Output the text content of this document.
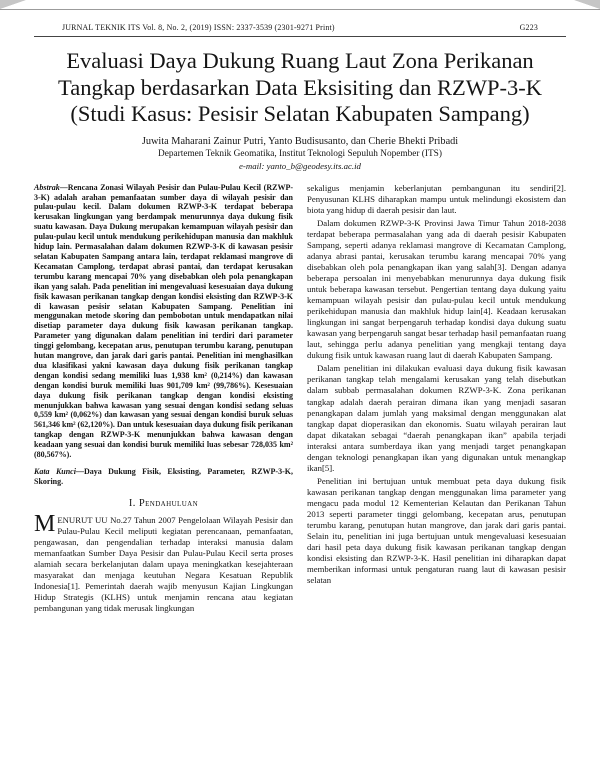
JURNAL TEKNIK ITS Vol. 8, No. 2, (2019) ISSN: 2337-3539 (2301-9271 Print)	G223
Evaluasi Daya Dukung Ruang Laut Zona Perikanan Tangkap berdasarkan Data Eksisiting dan RZWP-3-K (Studi Kasus: Pesisir Selatan Kabupaten Sampang)
Juwita Maharani Zainur Putri, Yanto Budisusanto, dan Cherie Bhekti Pribadi
Departemen Teknik Geomatika, Institut Teknologi Sepuluh Nopember (ITS)
e-mail: yanto_b@geodesy.its.ac.id

Abstrak—Rencana Zonasi Wilayah Pesisir dan Pulau-Pulau Kecil (RZWP-3-K) adalah arahan pemanfaatan sumber daya di wilayah pesisir dan pulau-pulau kecil. Dalam dokumen RZWP-3-K terdapat beberapa kerusakan lingkungan yang berdampak menurunnya daya dukung fisik suatu kawasan. Daya Dukung merupakan kemampuan wilayah pesisir dan pulau-pulau kecil untuk mendukung perikehidupan manusia dan makhluk hidup lain. Permasalahan dalam dokumen RZWP-3-K di kawasan pesisir selatan Kabupaten Sampang antara lain, terdapat reklamasi mangrove di Kecamatan Camplong, terdapat abrasi pantai, dan terdapat kerusakan terumbu karang mencapai 70% yang disebabkan oleh pola penangkapan ikan yang salah. Pada penelitian ini mengevaluasi kesesuaian daya dukung fisik kawasan perikanan tangkap dengan kondisi eksisting dan RZWP-3-K di kawasan pesisir selatan Kabupaten Sampang. Penelitian ini menggunakan metode skoring dan pembobotan untuk mendapatkan nilai disetiap parameter daya dukung fisik kawasan perikanan tangkap. Parameter yang digunakan dalam penelitian ini terdiri dari parameter tinggi gelombang, kecepatan arus, penutupan terumbu karang, penutupan hutan mangrove, dan jarak dari garis pantai. Penelitian ini menghasilkan dua klasifikasi yakni kawasan daya dukung fisik perikanan tangkap dengan kondisi sedang memiliki luas 1,938 km² (0,214%) dan kawasan dengan kondisi buruk memiliki luas 901,709 km² (99,786%). Kesesuaian daya dukung fisik perikanan tangkap dengan kondisi eksisting menunjukkan bahwa kawasan yang sesuai dengan kondisi sedang seluas 0,559 km² (0,062%) dan kawasan yang sesuai dengan kondisi buruk seluas 561,346 km² (62,120%). Dan untuk kesesuaian daya dukung fisik perikanan tangkap dengan RZWP-3-K menunjukkan bahwa kawasan dengan keadaan yang sesuai dan kondisi buruk memiliki luas sebesar 728,035 km² (80,567%).

Kata Kunci—Daya Dukung Fisik, Eksisting, Parameter, RZWP-3-K, Skoring.

I. Pendahuluan

MENURUT UU No.27 Tahun 2007 Pengelolaan Wilayah Pesisir dan Pulau-Pulau Kecil meliputi kegiatan perencanaan, pemanfaatan, pengawasan, dan pengendalian terhadap interaksi manusia dalam memanfaatkan Sumber Daya Pesisir dan Pulau-Pulau Kecil serta proses alamiah secara berkelanjutan dalam upaya meningkatkan kesejahteraan masyarakat dan menjaga keutuhan Negara Kesatuan Republik Indonesia[1]. Pemerintah daerah wajib menyusun Kajian Lingkungan Hidup Strategis (KLHS) untuk menjamin rencana atau kegiatan pembangunan yang tidak merusak lingkungan

sekaligus menjamin keberlanjutan pembangunan itu sendiri[2]. Penyusunan KLHS diharapkan mampu untuk melindungi ekosistem dan biota yang hidup di daerah pesisir dan laut.

Dalam dokumen RZWP-3-K Provinsi Jawa Timur Tahun 2018-2038 terdapat beberapa permasalahan yang ada di daerah pesisir Kabupaten Sampang, seperti adanya reklamasi mangrove di Kecamatan Camplong, adanya abrasi pantai, kerusakan terumbu karang mencapai 70% yang disebabkan oleh pola penangkapan ikan yang salah[3]. Dengan adanya beberapa persoalan ini menyebabkan menurunnya daya dukung fisik untuk beberapa kawasan tersebut. Pengertian tentang daya dukung yaitu kemampuan wilayah pesisir dan pulau-pulau kecil untuk mendukung perikehidupan manusia dan makhluk hidup lain[4]. Keadaan kerusakan lingkungan ini sangat berpengaruh terhadap kondisi daya dukung suatu kawasan yang berpengaruh sangat besar terhadap hasil pemanfaatan ruang laut, sehingga perlu adanya penelitian yang mengkaji tentang daya dukung fisik untuk kawasan ruang laut di daerah Kabupaten Sampang.

Dalam penelitian ini dilakukan evaluasi daya dukung fisik kawasan perikanan tangkap telah mengalami kerusakan yang telah disebutkan dalam subbab permasalahan dokumen RZWP-3-K. Zona perikanan tangkap adalah daerah perairan dimana ikan yang menjadi sasaran penangkapan dalam jumlah yang maksimal dengan menggunakan alat tangkap dapat dioperasikan dan ekonomis. Suatu wilayah perairan laut dapat dikatakan sebagai “daerah penangkapan ikan” apabila terjadi interaksi antara sumberdaya ikan yang menjadi target penangkapan dengan teknologi penangkapan ikan yang digunakan untuk menangkap ikan[5].

Penelitian ini bertujuan untuk membuat peta daya dukung fisik kawasan perikanan tangkap dengan menggunakan lima parameter yang mengacu pada modul 12 Kementerian Kelautan dan Perikanan Tahun 2013 seperti parameter tinggi gelombang, kecepatan arus, penutupan terumbu karang, penutupan hutan mangrove, dan jarak dari garis pantai. Selain itu, penelitian ini juga bertujuan untuk mengevaluasi kesesuaian dari hasil peta daya dukung fisik kawasan perikanan tangkap dengan kondisi eksisting dan RZWP-3-K. Hasil penelitian ini diharapkan dapat memberikan informasi untuk pengaturan ruang laut di kawasan pesisir selatan
